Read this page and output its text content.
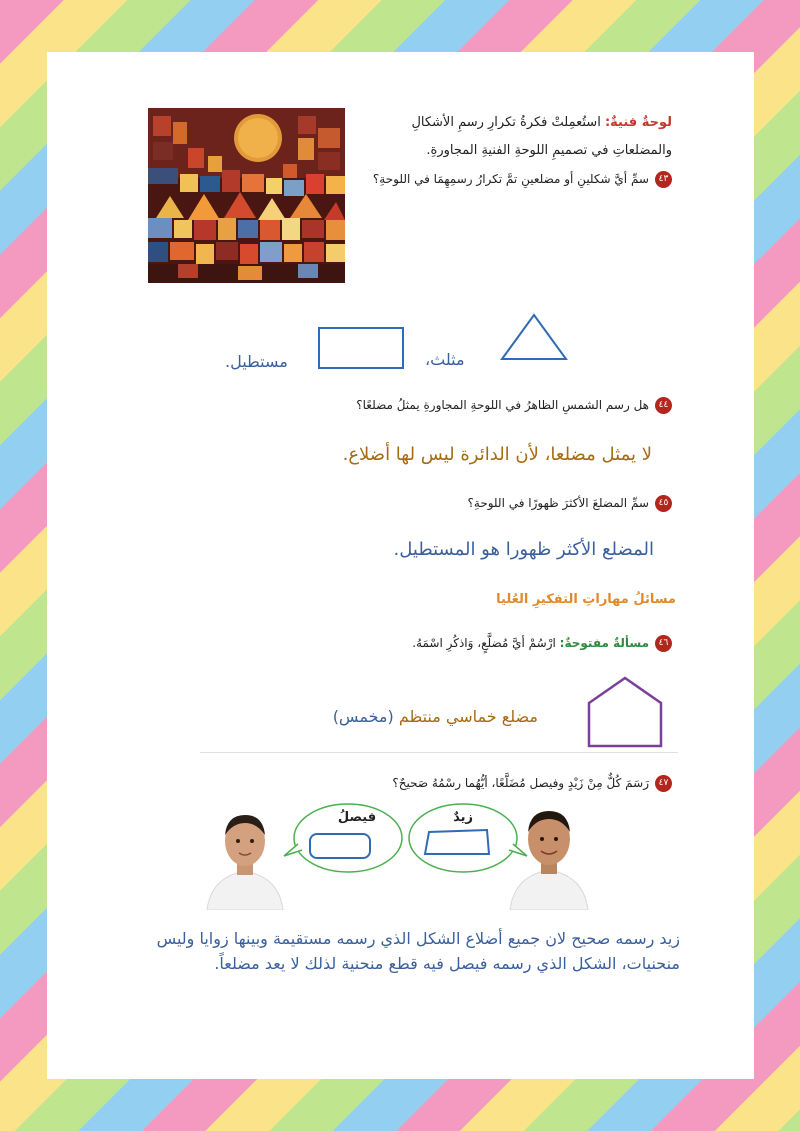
لوحةٌ فنيةٌ: استُعمِلتْ فكرةُ تكرارِ رسمِ الأشكالِ
والمضلعاتِ في تصميمِ اللوحةِ الفنيةِ المجاورةِ.
٤٣سمِّ أيَّ شكلينِ أو مضلعينِ تمَّ تكرارُ رسمِهِمَا في اللوحةِ؟
مثلث،
مستطيل.
٤٤هل رسم الشمسِ الظاهرُ في اللوحةِ المجاورةِ يمثلُ مضلعًا؟
لا يمثل مضلعا، لأن الدائرة ليس لها أضلاع.
٤٥سمِّ المضلعَ الأكثرَ ظهورًا في اللوحةِ؟
المضلع الأكثر ظهورا هو المستطيل.
مسائلُ مهاراتِ التفكيرِ العُليا
٤٦مسألةٌ مفتوحةٌ: ارْسُمْ أيَّ مُضلَّعٍ، وَاذكُرِ اسْمَهُ.
مضلع خماسي منتظم (مخمس)
٤٧رَسَمَ كُلٌّ مِنْ زَيْدٍ وفيصل مُضَلَّعًا، أيُّهُما رسْمُهُ صَحيحٌ؟
فيصلُ	زيدٌ
زيد رسمه صحيح لان جميع أضلاع الشكل الذي رسمه مستقيمة وبينها زوايا وليس
منحنيات، الشكل الذي رسمه فيصل فيه قطع منحنية لذلك لا يعد مضلعاً.
